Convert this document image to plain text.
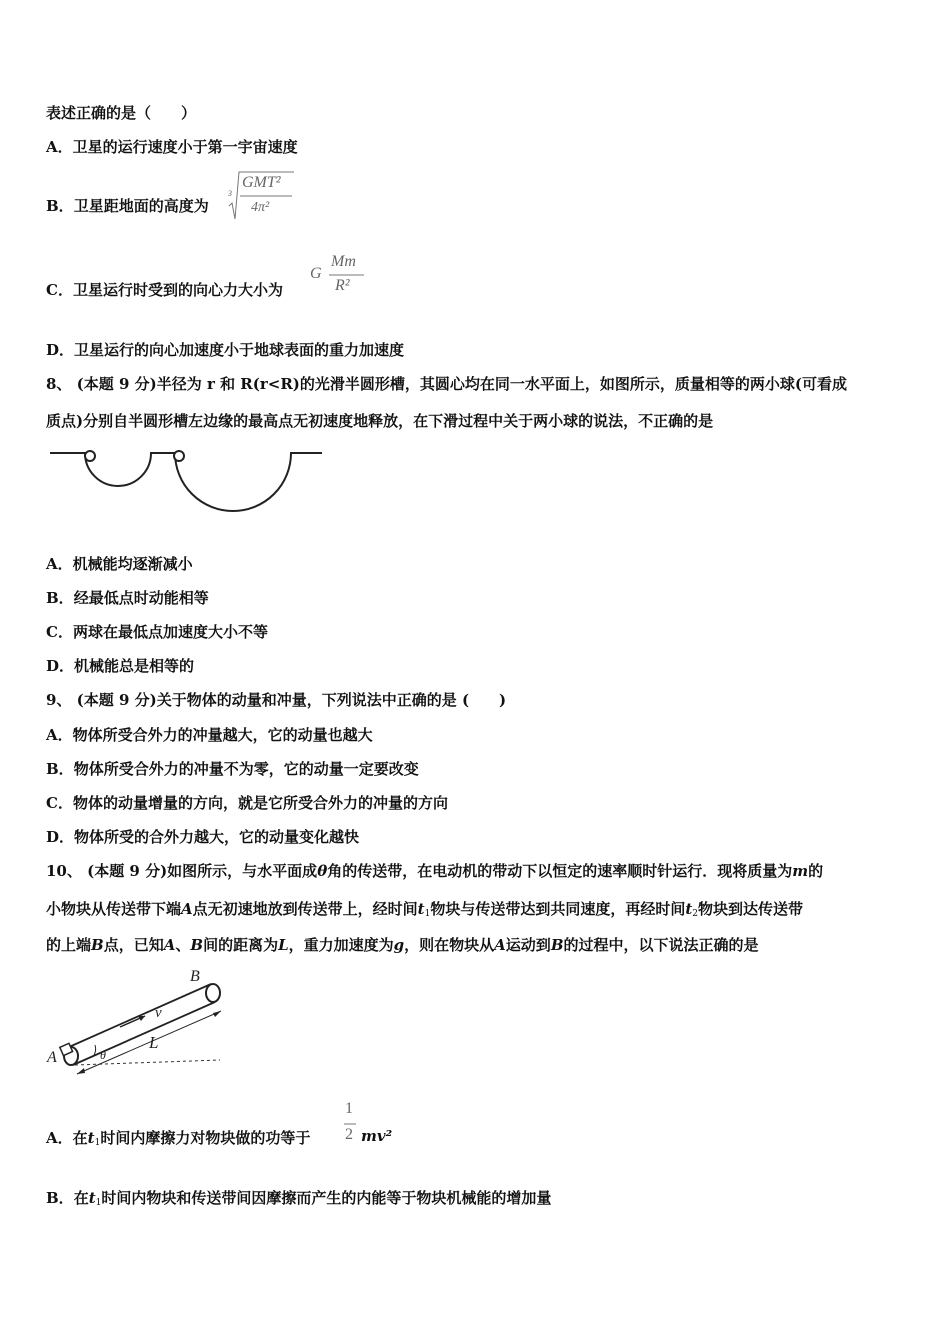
表述正确的是（　　）
A．卫星的运行速度小于第一宇宙速度
B．卫星距地面的高度为
3
GMT²
4π²
C．卫星运行时受到的向心力大小为
G
Mm
R²
D．卫星运行的向心加速度小于地球表面的重力加速度
8、 (本题 9 分)半径为 r 和 R(r<R)的光滑半圆形槽，其圆心均在同一水平面上，如图所示，质量相等的两小球(可看成
质点)分别自半圆形槽左边缘的最高点无初速度地释放，在下滑过程中关于两小球的说法，不正确的是
A．机械能均逐渐减小
B．经最低点时动能相等
C．两球在最低点加速度大小不等
D．机械能总是相等的
9、 (本题 9 分)关于物体的动量和冲量，下列说法中正确的是 (　　)
A．物体所受合外力的冲量越大，它的动量也越大
B．物体所受合外力的冲量不为零，它的动量一定要改变
C．物体的动量增量的方向，就是它所受合外力的冲量的方向
D．物体所受的合外力越大，它的动量变化越快
10、 (本题 9 分)如图所示，与水平面成θ角的传送带，在电动机的带动下以恒定的速率顺时针运行．现将质量为m的
小物块从传送带下端A点无初速地放到传送带上，经时间$t_1$物块与传送带达到共同速度，再经时间$t_2$物块到达传送带
的上端B点，已知A、B间的距离为L，重力加速度为g，则在物块从A运动到B的过程中，以下说法正确的是
B
A
v
L
θ
A．在$t_1$时间内摩擦力对物块做的功等于
1
2 mv²
B．在$t_1$时间内物块和传送带间因摩擦而产生的内能等于物块机械能的增加量
